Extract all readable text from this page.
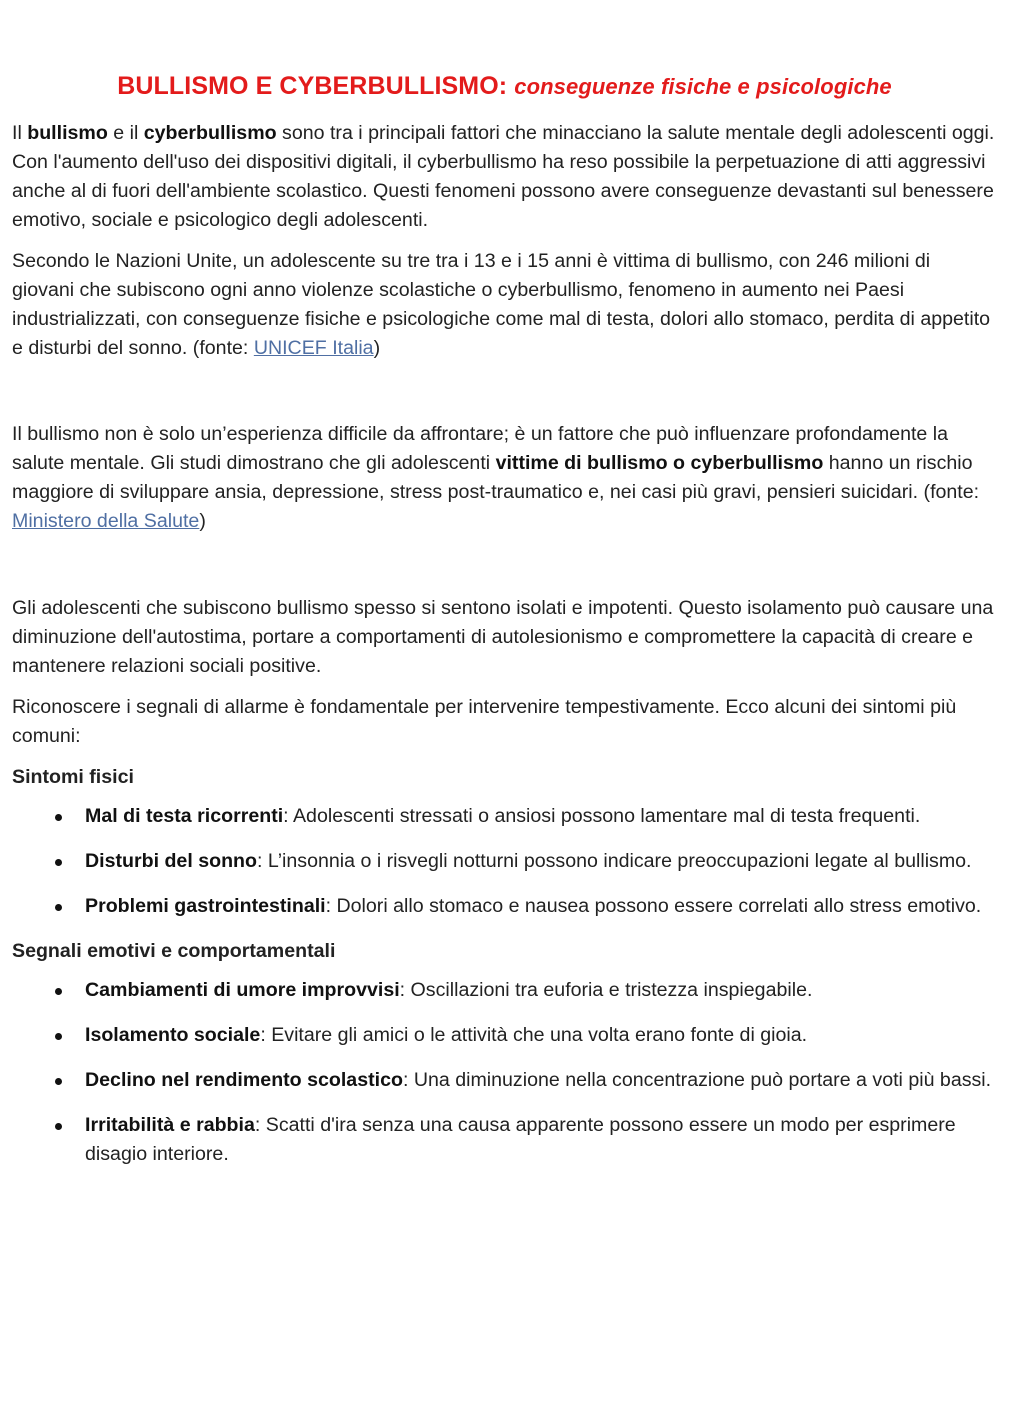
BULLISMO E CYBERBULLISMO: conseguenze fisiche e psicologiche

Il bullismo e il cyberbullismo sono tra i principali fattori che minacciano la salute mentale degli adolescenti oggi. Con l'aumento dell'uso dei dispositivi digitali, il cyberbullismo ha reso possibile la perpetuazione di atti aggressivi anche al di fuori dell'ambiente scolastico. Questi fenomeni possono avere conseguenze devastanti sul benessere emotivo, sociale e psicologico degli adolescenti.

Secondo le Nazioni Unite, un adolescente su tre tra i 13 e i 15 anni è vittima di bullismo, con 246 milioni di giovani che subiscono ogni anno violenze scolastiche o cyberbullismo, fenomeno in aumento nei Paesi industrializzati, con conseguenze fisiche e psicologiche come mal di testa, dolori allo stomaco, perdita di appetito e disturbi del sonno. (fonte: UNICEF Italia)

Il bullismo non è solo un’esperienza difficile da affrontare; è un fattore che può influenzare profondamente la salute mentale. Gli studi dimostrano che gli adolescenti vittime di bullismo o cyberbullismo hanno un rischio maggiore di sviluppare ansia, depressione, stress post-traumatico e, nei casi più gravi, pensieri suicidari. (fonte: Ministero della Salute)

Gli adolescenti che subiscono bullismo spesso si sentono isolati e impotenti. Questo isolamento può causare una diminuzione dell'autostima, portare a comportamenti di autolesionismo e compromettere la capacità di creare e mantenere relazioni sociali positive.

Riconoscere i segnali di allarme è fondamentale per intervenire tempestivamente. Ecco alcuni dei sintomi più comuni:

Sintomi fisici
Mal di testa ricorrenti: Adolescenti stressati o ansiosi possono lamentare mal di testa frequenti.
Disturbi del sonno: L’insonnia o i risvegli notturni possono indicare preoccupazioni legate al bullismo.
Problemi gastrointestinali: Dolori allo stomaco e nausea possono essere correlati allo stress emotivo.
Segnali emotivi e comportamentali
Cambiamenti di umore improvvisi: Oscillazioni tra euforia e tristezza inspiegabile.
Isolamento sociale: Evitare gli amici o le attività che una volta erano fonte di gioia.
Declino nel rendimento scolastico: Una diminuzione nella concentrazione può portare a voti più bassi.
Irritabilità e rabbia: Scatti d'ira senza una causa apparente possono essere un modo per esprimere disagio interiore.
